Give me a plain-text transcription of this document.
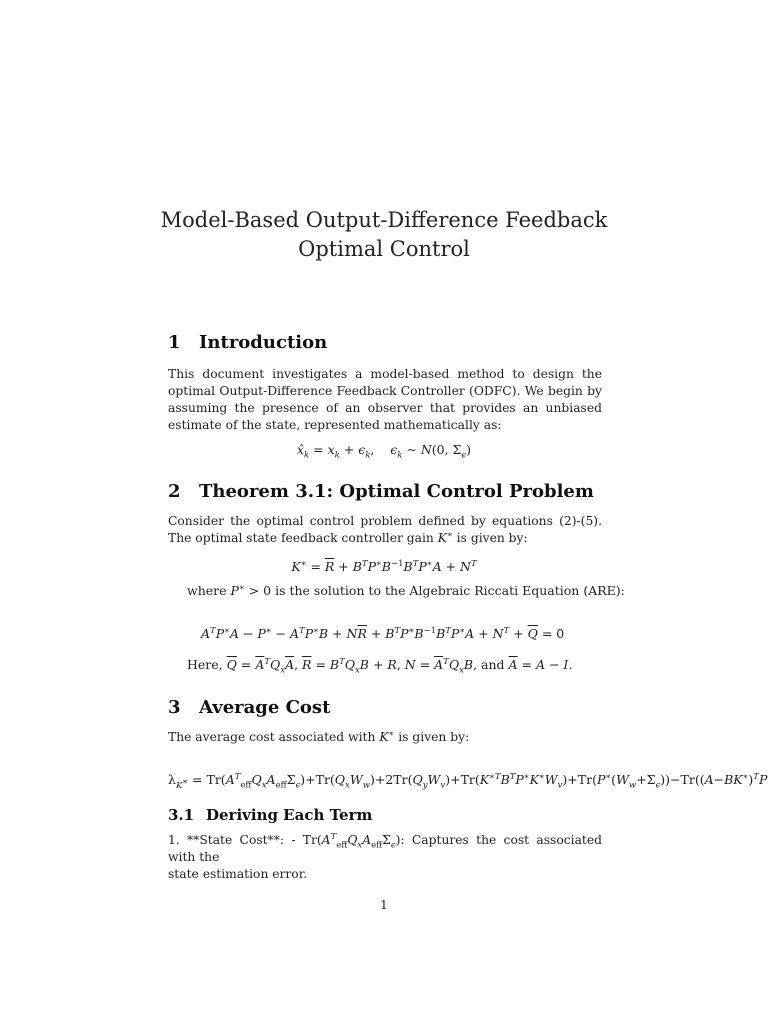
Model-Based Output-Difference Feedback
Optimal Control
1 Introduction
This document investigates a model-based method to design the optimal Output-Difference Feedback Controller (ODFC). We begin by assuming the presence of an observer that provides an unbiased estimate of the state, represented mathematically as:
$x̂_k = x_k + \epsilon_k$,    $\epsilon_k$ ∼ N(0, $\Sigma_\epsilon$)
2 Theorem 3.1: Optimal Control Problem
Consider the optimal control problem defined by equations (2)-(5). The optimal state feedback controller gain K∗ is given by:
$K^∗ = \overline{R} + B^TP^∗B^{-1}B^TP^∗A + N^T$
where P∗ > 0 is the solution to the Algebraic Riccati Equation (ARE):
$A^TP^∗A - P^∗ - A^TP^∗B + N\overline{R} + B^TP^∗B^{-1}B^TP^∗A + N^T + \overline{Q} = 0$
Here, $\overline{Q} = \overline{A}^TQ_x\overline{A}$, $\overline{R} = B^TQ_xB + R$, $N = \overline{A}^TQ_xB$, and $\overline{A} = A - I$.
3 Average Cost
The average cost associated with K∗ is given by:
$\lambda_{K^∗} = Tr(A^T_{eff}Q_xA_{eff}\Sigma_\epsilon)+Tr(Q_xW_w)+2Tr(Q_yW_v)+Tr(K^{∗T}B^TP^∗K^∗W_v)+Tr(P^∗(W_w+\Sigma_\epsilon))-Tr((A-BK^∗)^TP$
3.1 Deriving Each Term
1. **State Cost**: - $Tr(A^T_{eff}Q_xA_{eff}\Sigma_\epsilon)$: Captures the cost associated with the
state estimation error.
1
